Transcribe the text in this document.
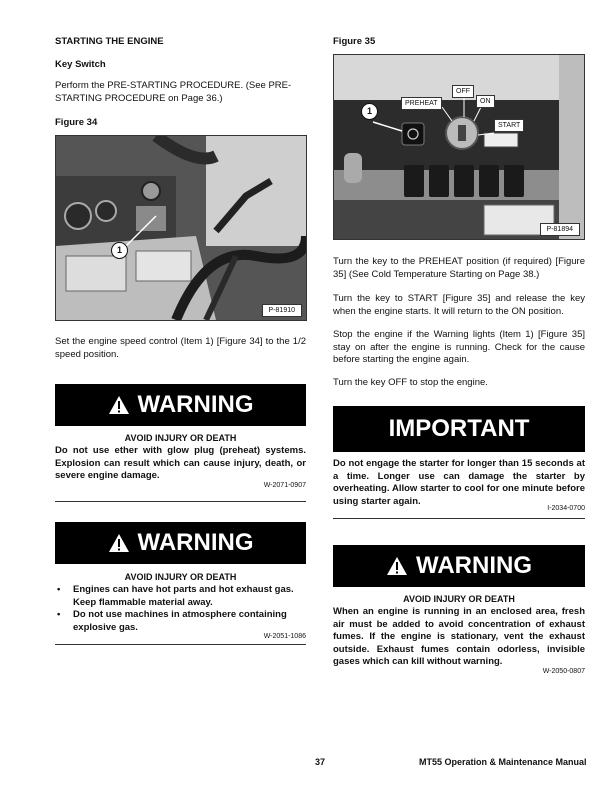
STARTING THE ENGINE
Key Switch

Perform the PRE-STARTING PROCEDURE. (See PRE-STARTING PROCEDURE on Page 36.)

Figure 34
1
P-81910

Set the engine speed control (Item 1) [Figure 34] to the 1/2 speed position.

WARNING
AVOID INJURY OR DEATH

Do not use ether with glow plug (preheat) systems. Explosion can result which can cause injury, death, or severe engine damage.

W-2071-0907
WARNING
AVOID INJURY OR DEATH
• Engines can have hot parts and hot exhaust gas. Keep flammable material away.
• Do not use machines in atmosphere containing explosive gas.
W-2051-1086
Figure 35
1
PREHEAT
OFF
ON
START
P-81894

Turn the key to the PREHEAT position (if required) [Figure 35] (See Cold Temperature Starting on Page 38.)

Turn the key to START [Figure 35] and release the key when the engine starts. It will return to the ON position.

Stop the engine if the Warning lights (Item 1) [Figure 35] stay on after the engine is running. Check for the cause before starting the engine again.

Turn the key OFF to stop the engine.

IMPORTANT

Do not engage the starter for longer than 15 seconds at a time. Longer use can damage the starter by overheating. Allow starter to cool for one minute before using starter again.

I-2034-0700
WARNING
AVOID INJURY OR DEATH

When an engine is running in an enclosed area, fresh air must be added to avoid concentration of exhaust fumes. If the engine is stationary, vent the exhaust outside. Exhaust fumes contain odorless, invisible gases which can kill without warning.

W-2050-0807
37	MT55 Operation & Maintenance Manual
